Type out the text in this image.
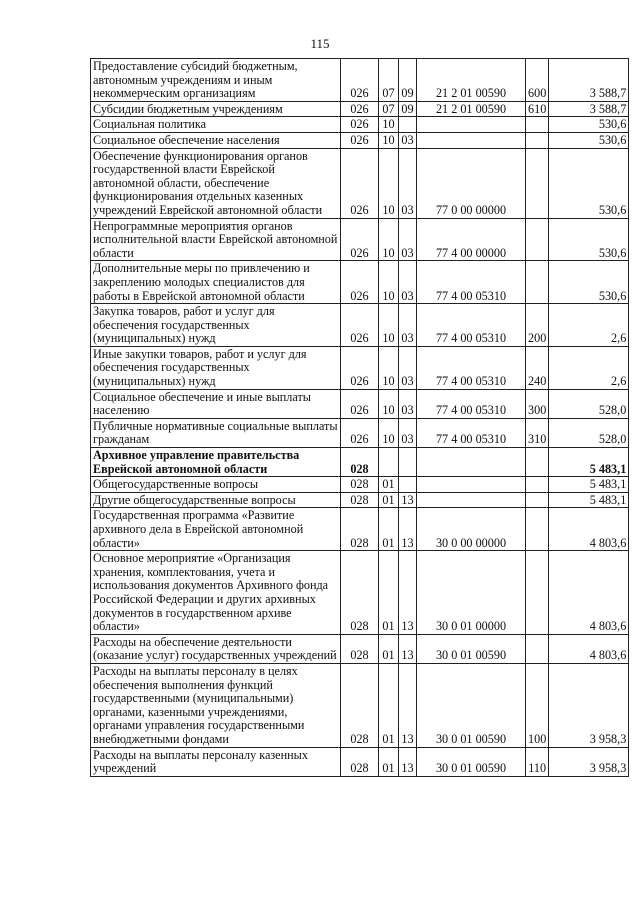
115
Предоставление субсидий бюджетным, автономным учреждениям и иным некоммерческим организациям	026	07	09	21 2 01 00590	600	3 588,7
Субсидии бюджетным учреждениям	026	07	09	21 2 01 00590	610	3 588,7
Социальная политика	026	10				530,6
Социальное обеспечение населения	026	10	03			530,6
Обеспечение функционирования органов государственной власти Еврейской автономной области, обеспечение функционирования отдельных казенных учреждений Еврейской автономной области	026	10	03	77 0 00 00000		530,6
Непрограммные мероприятия органов исполнительной власти Еврейской автономной области	026	10	03	77 4 00 00000		530,6
Дополнительные меры по привлечению и закреплению молодых специалистов для работы в Еврейской автономной области	026	10	03	77 4 00 05310		530,6
Закупка товаров, работ и услуг для обеспечения государственных (муниципальных) нужд	026	10	03	77 4 00 05310	200	2,6
Иные закупки товаров, работ и услуг для обеспечения государственных (муниципальных) нужд	026	10	03	77 4 00 05310	240	2,6
Социальное обеспечение и иные выплаты населению	026	10	03	77 4 00 05310	300	528,0
Публичные нормативные социальные выплаты гражданам	026	10	03	77 4 00 05310	310	528,0
Архивное управление правительства Еврейской автономной области	028					5 483,1
Общегосударственные вопросы	028	01				5 483,1
Другие общегосударственные вопросы	028	01	13			5 483,1
Государственная программа «Развитие архивного дела в Еврейской автономной области»	028	01	13	30 0 00 00000		4 803,6
Основное мероприятие «Организация хранения, комплектования, учета и использования документов Архивного фонда Российской Федерации и других архивных документов в государственном архиве области»	028	01	13	30 0 01 00000		4 803,6
Расходы на обеспечение деятельности (оказание услуг) государственных учреждений	028	01	13	30 0 01 00590		4 803,6
Расходы на выплаты персоналу в целях обеспечения выполнения функций государственными (муниципальными) органами, казенными учреждениями, органами управления государственными внебюджетными фондами	028	01	13	30 0 01 00590	100	3 958,3
Расходы на выплаты персоналу казенных учреждений	028	01	13	30 0 01 00590	110	3 958,3
